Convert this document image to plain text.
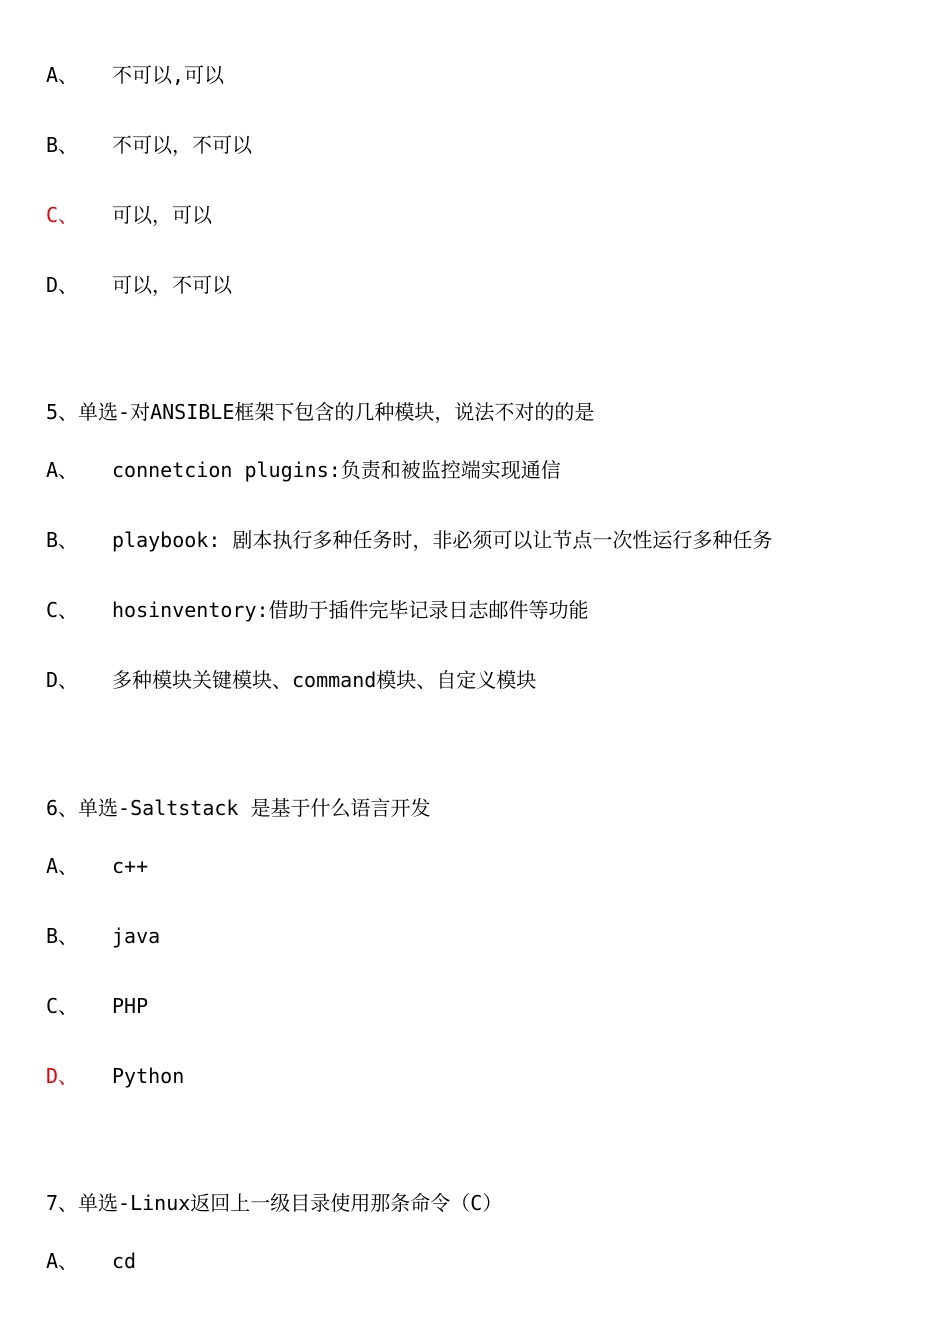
A、 不可以,可以
B、 不可以，不可以
C、 可以，可以
D、 可以，不可以
5、单选-对ANSIBLE框架下包含的几种模块，说法不对的的是
A、 connetcion plugins:负责和被监控端实现通信
B、 playbook: 剧本执行多种任务时，非必须可以让节点一次性运行多种任务
C、 hosinventory:借助于插件完毕记录日志邮件等功能
D、 多种模块关键模块、command模块、自定义模块
6、单选-Saltstack 是基于什么语言开发
A、 c++
B、 java
C、 PHP
D、 Python
7、单选-Linux返回上一级目录使用那条命令（C）
A、 cd
